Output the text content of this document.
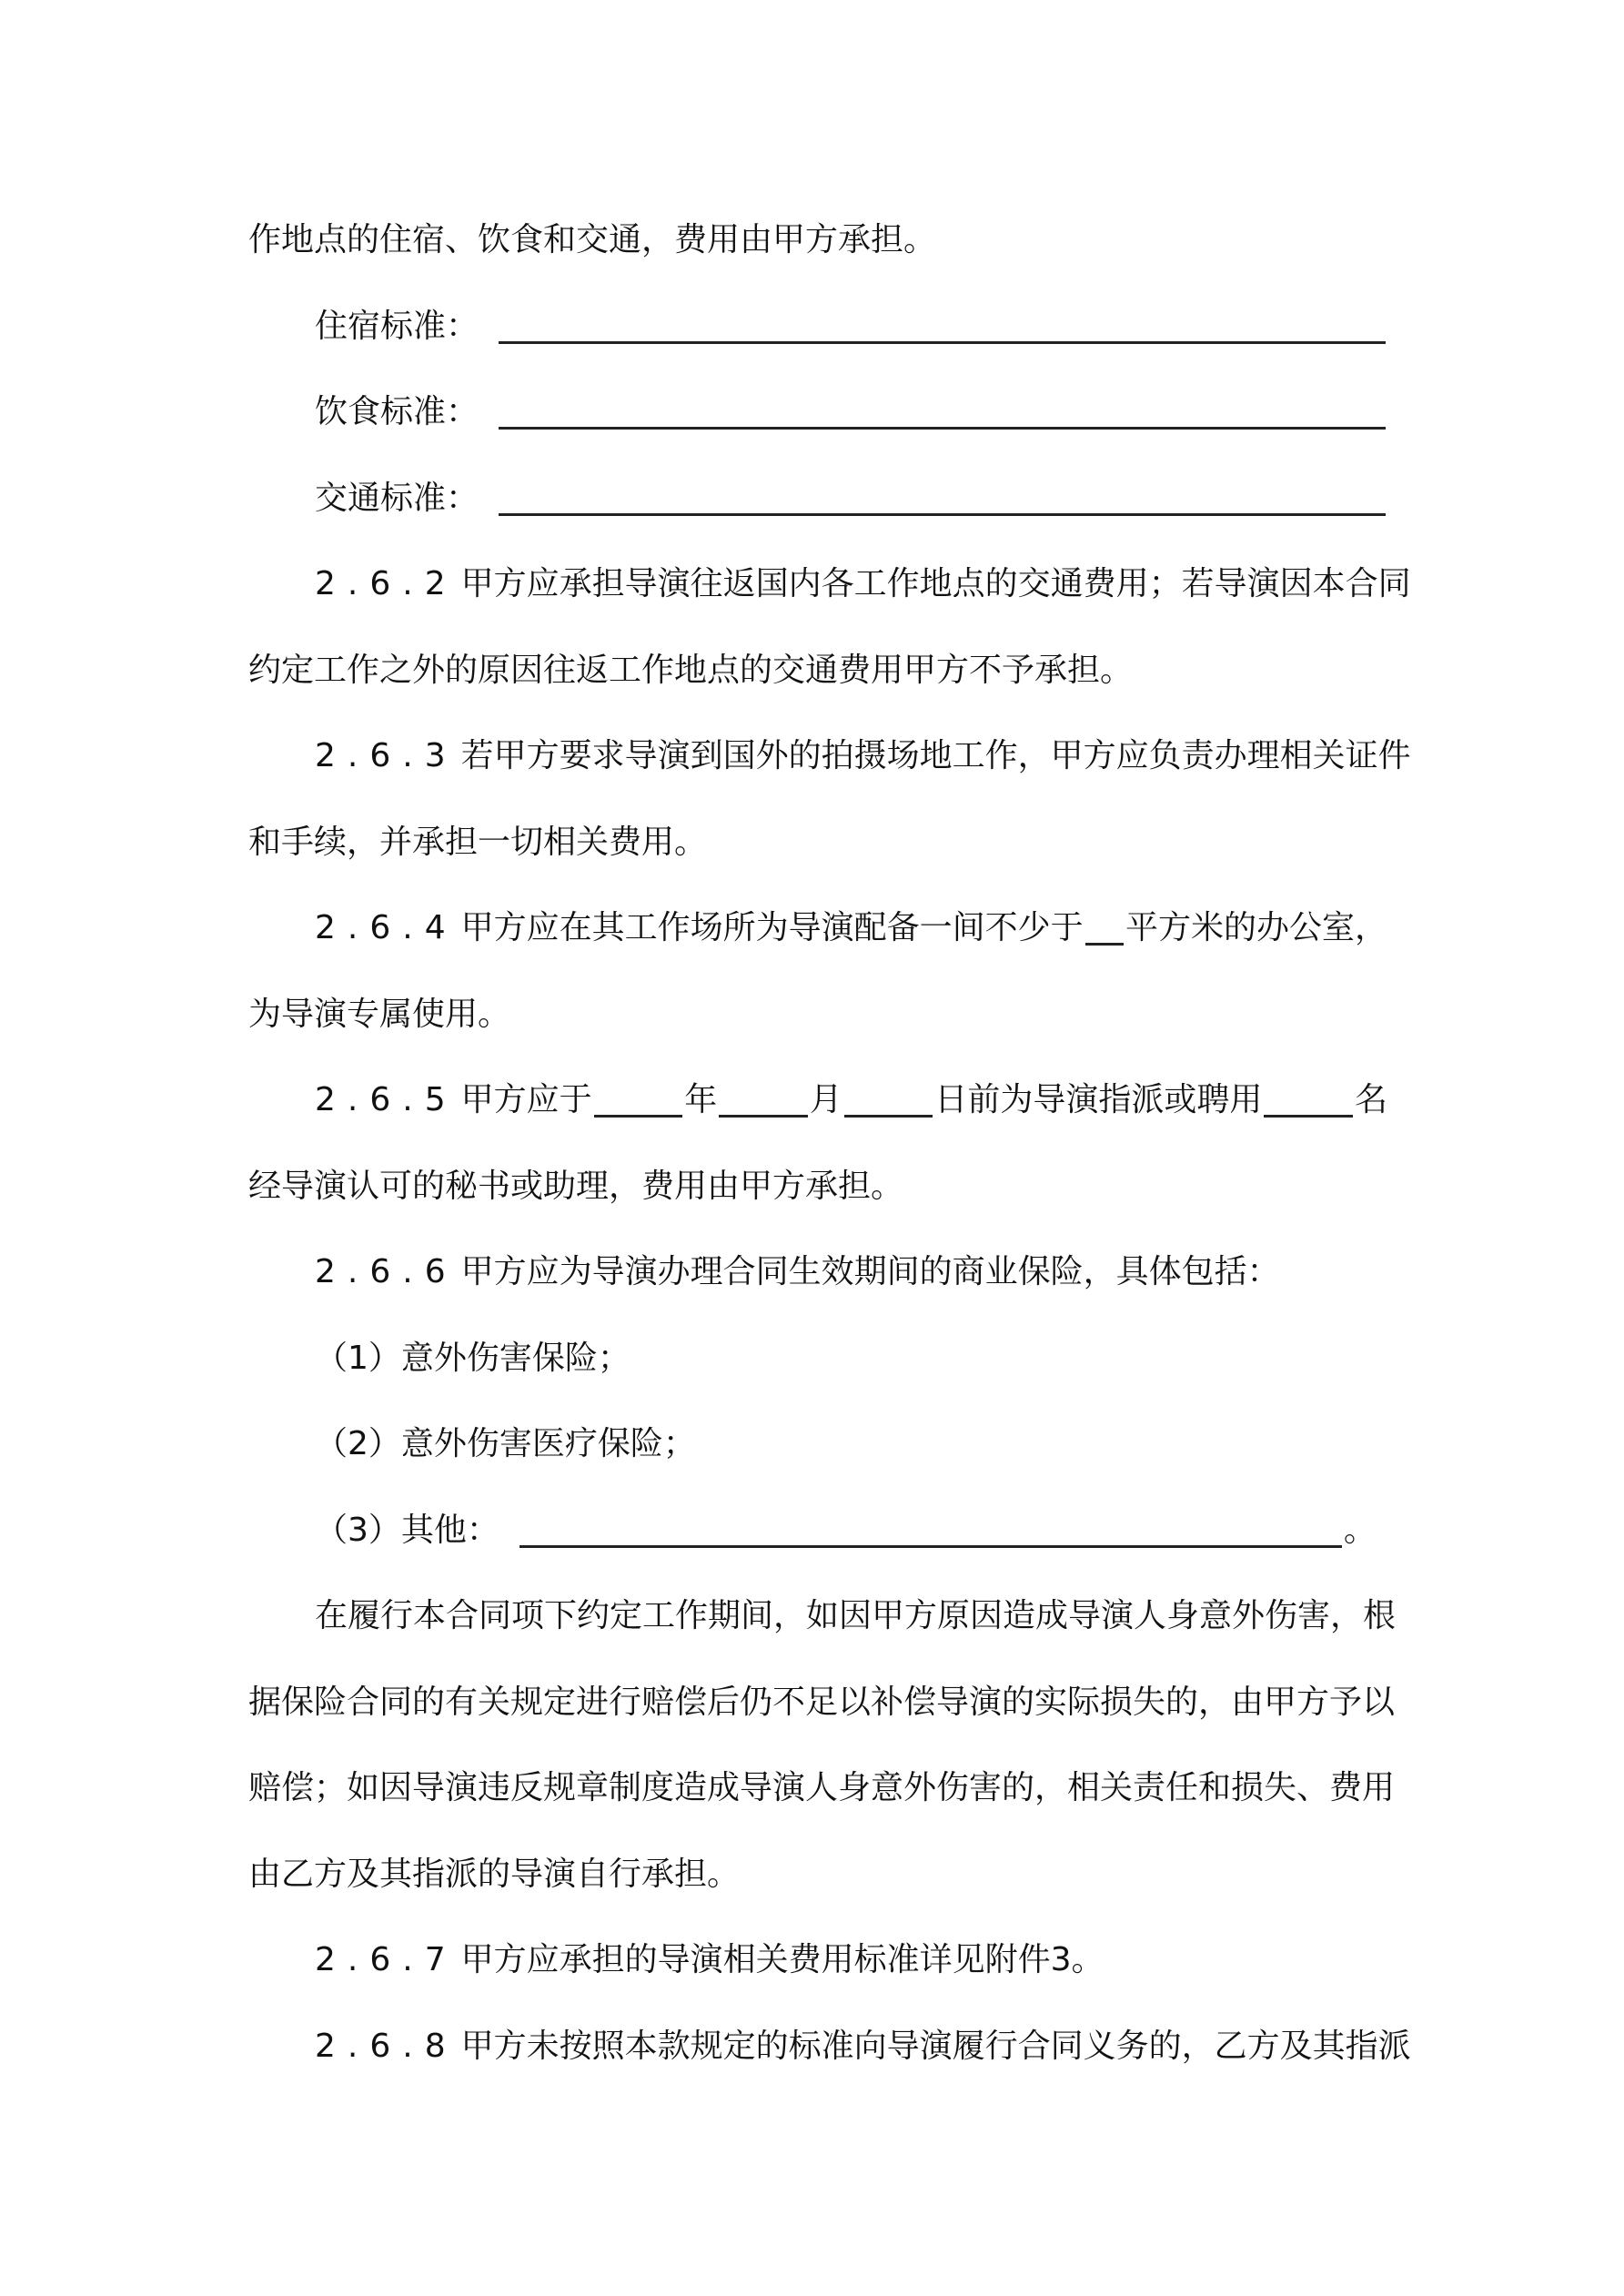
作地点的住宿、饮食和交通，费用由甲方承担。
住宿标准：
饮食标准：
交通标准：
2.6.2 甲方应承担导演往返国内各工作地点的交通费用；若导演因本合同
约定工作之外的原因往返工作地点的交通费用甲方不予承担。
2.6.3 若甲方要求导演到国外的拍摄场地工作，甲方应负责办理相关证件
和手续，并承担一切相关费用。
2.6.4 甲方应在其工作场所为导演配备一间不少于 平方米的办公室，
为导演专属使用。
2.6.5 甲方应于	年	月	日前为导演指派或聘用	名
经导演认可的秘书或助理，费用由甲方承担。
2.6.6 甲方应为导演办理合同生效期间的商业保险，具体包括：
（1）意外伤害保险；
（2）意外伤害医疗保险；
（3）其他：	。
在履行本合同项下约定工作期间，如因甲方原因造成导演人身意外伤害，根
据保险合同的有关规定进行赔偿后仍不足以补偿导演的实际损失的，由甲方予以
赔偿；如因导演违反规章制度造成导演人身意外伤害的，相关责任和损失、费用
由乙方及其指派的导演自行承担。
2.6.7 甲方应承担的导演相关费用标准详见附件3。
2.6.8 甲方未按照本款规定的标准向导演履行合同义务的，乙方及其指派
